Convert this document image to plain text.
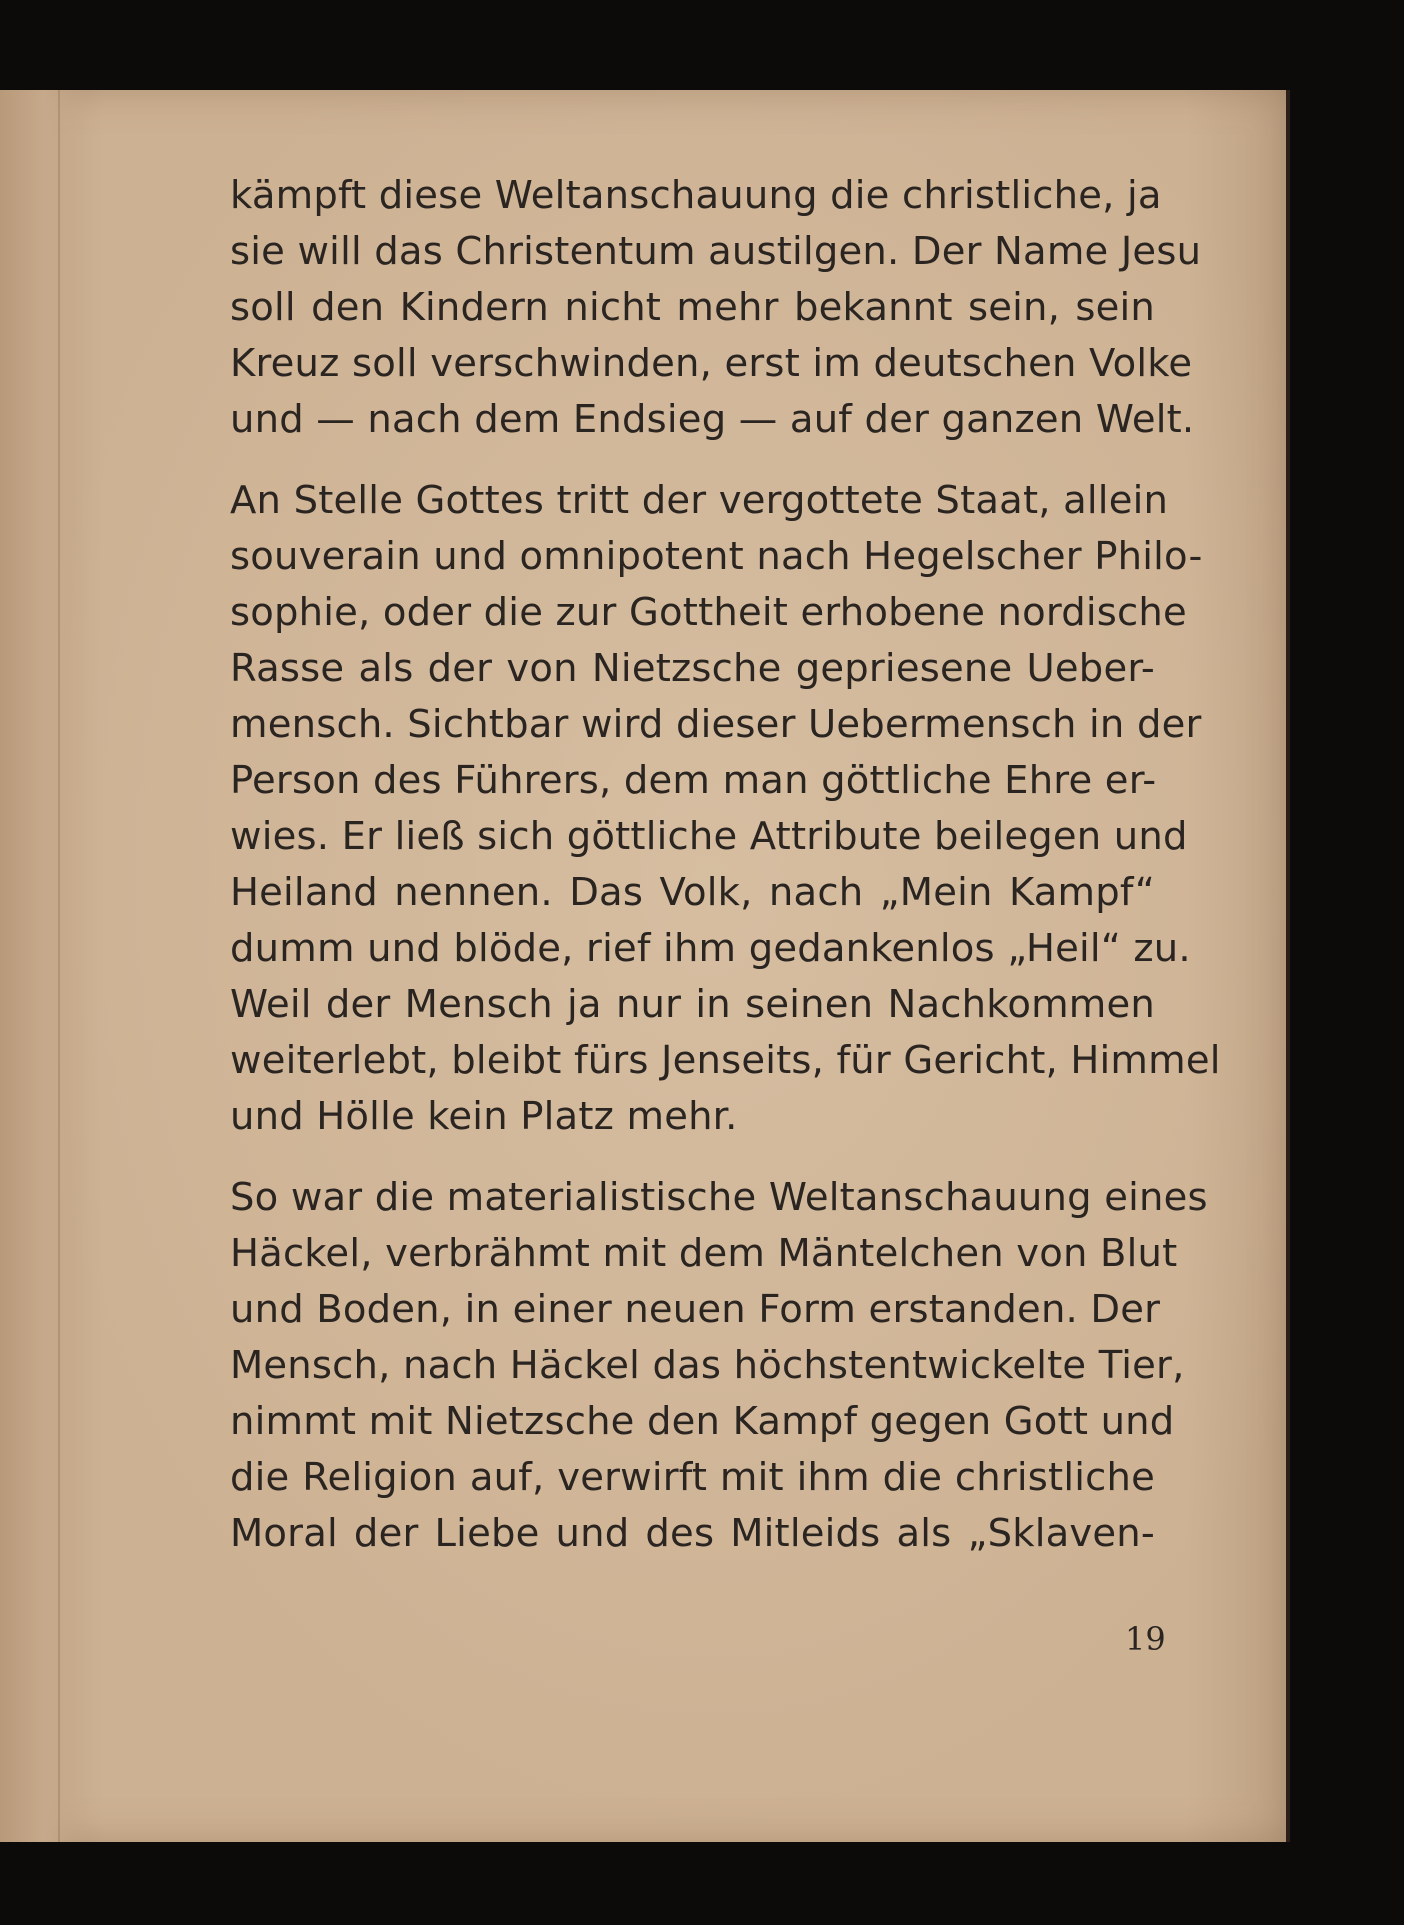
kämpft diese Weltanschauung die christliche, ja
sie will das Christentum austilgen. Der Name Jesu
soll den Kindern nicht mehr bekannt sein, sein
Kreuz soll verschwinden, erst im deutschen Volke
und — nach dem Endsieg — auf der ganzen Welt.
An Stelle Gottes tritt der vergottete Staat, allein
souverain und omnipotent nach Hegelscher Philo-
sophie, oder die zur Gottheit erhobene nordische
Rasse als der von Nietzsche gepriesene Ueber-
mensch. Sichtbar wird dieser Uebermensch in der
Person des Führers, dem man göttliche Ehre er-
wies. Er ließ sich göttliche Attribute beilegen und
Heiland nennen. Das Volk, nach „Mein Kampf“
dumm und blöde, rief ihm gedankenlos „Heil“ zu.
Weil der Mensch ja nur in seinen Nachkommen
weiterlebt, bleibt fürs Jenseits, für Gericht, Himmel
und Hölle kein Platz mehr.
So war die materialistische Weltanschauung eines
Häckel, verbrähmt mit dem Mäntelchen von Blut
und Boden, in einer neuen Form erstanden. Der
Mensch, nach Häckel das höchstentwickelte Tier,
nimmt mit Nietzsche den Kampf gegen Gott und
die Religion auf, verwirft mit ihm die christliche
Moral der Liebe und des Mitleids als „Sklaven-
19
